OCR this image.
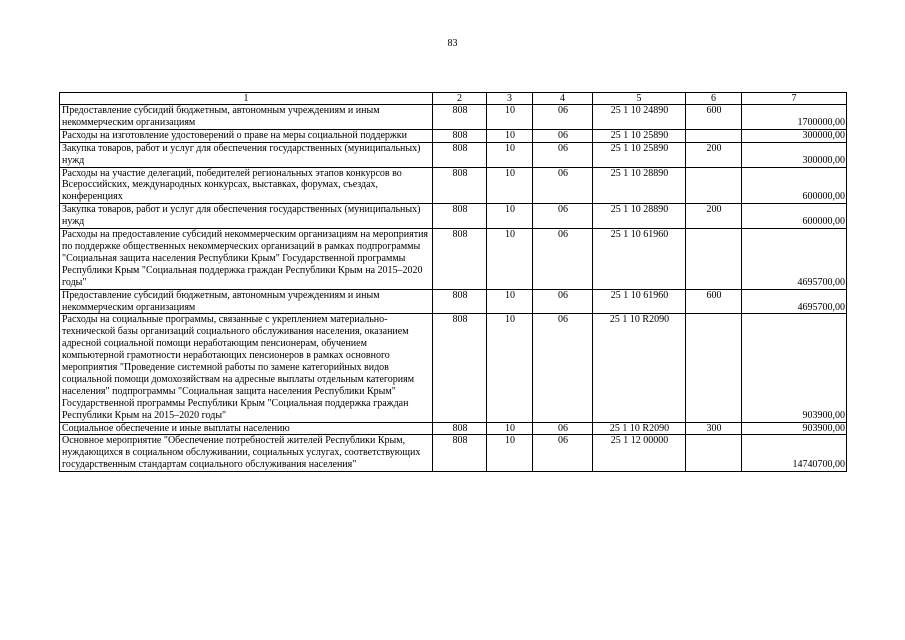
83
1	2	3	4	5	6	7
Предоставление субсидий бюджетным, автономным учреждениям и иным некоммерческим организациям	808	10	06	25 1 10 24890	600	1700000,00
Расходы на изготовление удостоверений о праве на меры социальной поддержки	808	10	06	25 1 10 25890		300000,00
Закупка товаров, работ и услуг для обеспечения государственных (муниципальных) нужд	808	10	06	25 1 10 25890	200	300000,00
Расходы на участие делегаций, победителей региональных этапов конкурсов во Всероссийских, международных конкурсах, выставках, форумах, съездах, конференциях	808	10	06	25 1 10 28890		600000,00
Закупка товаров, работ и услуг для обеспечения государственных (муниципальных) нужд	808	10	06	25 1 10 28890	200	600000,00
Расходы на предоставление субсидий некоммерческим организациям на мероприятия по поддержке общественных некоммерческих организаций в рамках подпрограммы "Социальная защита населения Республики Крым" Государственной программы Республики Крым "Социальная поддержка граждан Республики Крым на 2015–2020 годы"	808	10	06	25 1 10 61960		4695700,00
Предоставление субсидий бюджетным, автономным учреждениям и иным некоммерческим организациям	808	10	06	25 1 10 61960	600	4695700,00
Расходы на социальные программы, связанные с укреплением материально-технической базы организаций социального обслуживания населения, оказанием адресной социальной помощи неработающим пенсионерам, обучением компьютерной грамотности неработающих пенсионеров в рамках основного мероприятия "Проведение системной работы по замене категорийных видов социальной помощи домохозяйствам на адресные выплаты отдельным категориям населения" подпрограммы "Социальная защита населения Республики Крым" Государственной программы Республики Крым "Социальная поддержка граждан Республики Крым на 2015–2020 годы"	808	10	06	25 1 10 R2090		903900,00
Социальное обеспечение и иные выплаты населению	808	10	06	25 1 10 R2090	300	903900,00
Основное мероприятие "Обеспечение потребностей жителей Республики Крым, нуждающихся в социальном обслуживании, социальных услугах, соответствующих государственным стандартам социального обслуживания населения"	808	10	06	25 1 12 00000		14740700,00
